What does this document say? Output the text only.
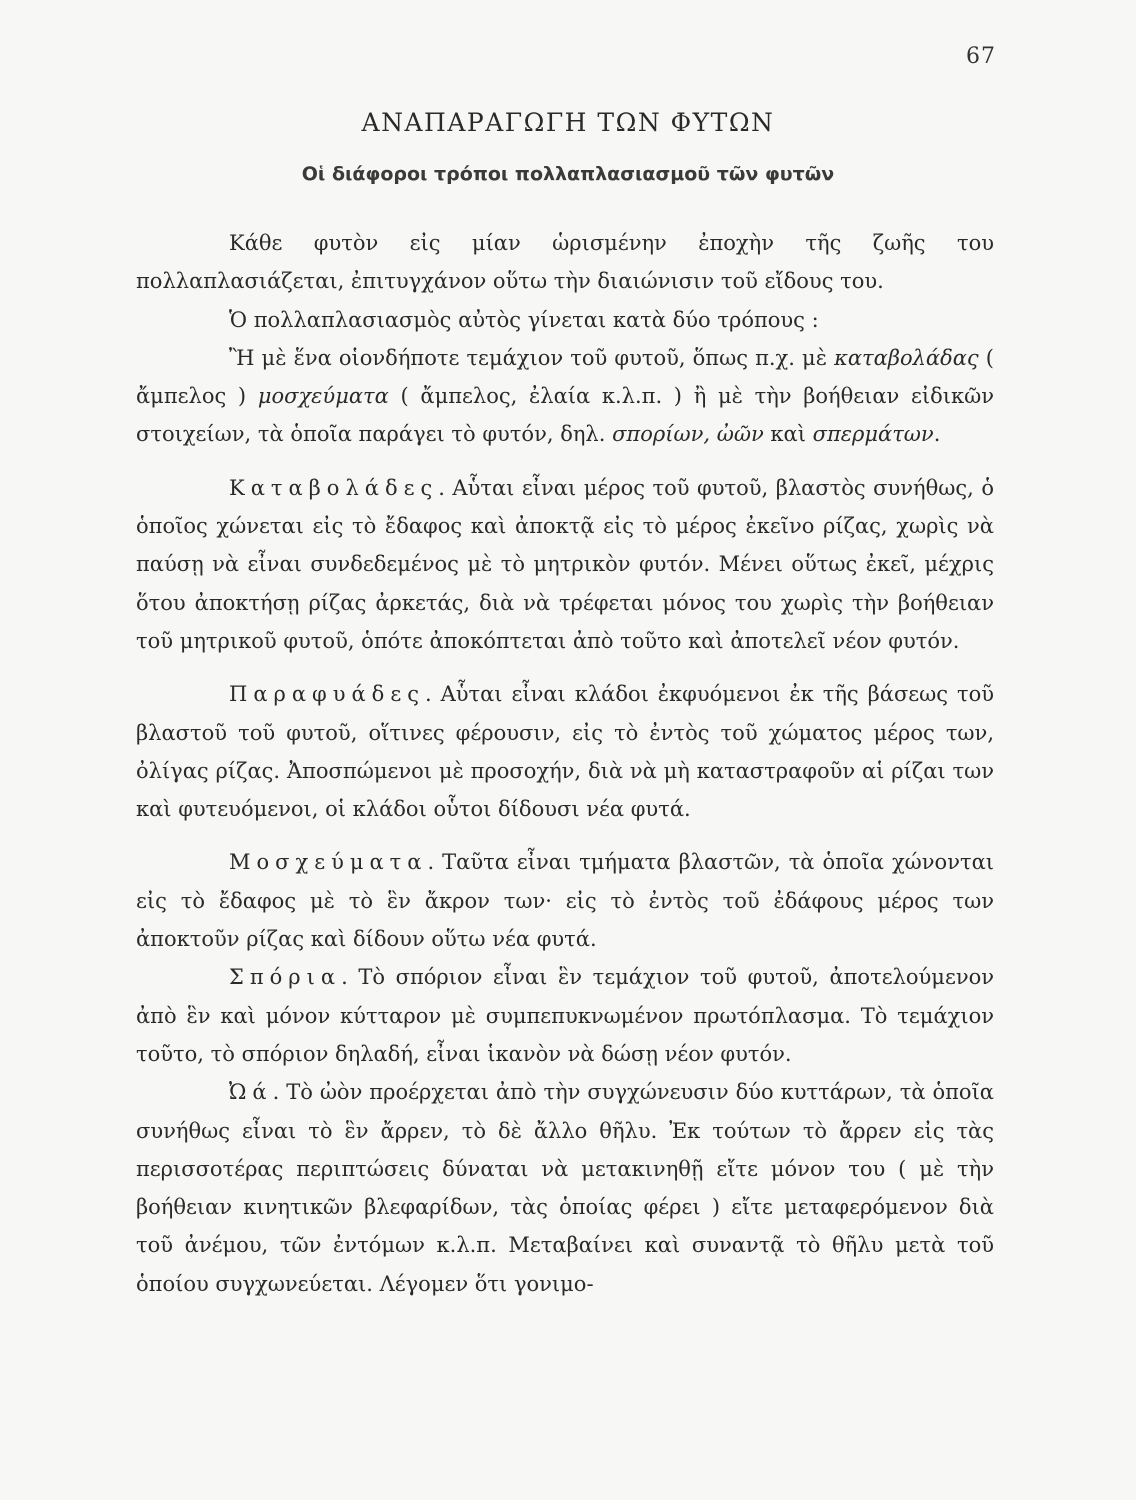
67
ΑΝΑΠΑΡΑΓΩΓΗ ΤΩΝ ΦΥΤΩΝ
Οἱ διάφοροι τρόποι πολλαπλασιασμοῦ τῶν φυτῶν

Κάθε φυτὸν εἰς μίαν ὡρισμένην ἐποχὴν τῆς ζωῆς του πολλαπλασιάζεται, ἐπιτυγχάνον οὕτω τὴν διαιώνισιν τοῦ εἴδους του.

Ὁ πολλαπλασιασμὸς αὐτὸς γίνεται κατὰ δύο τρόπους :

Ἢ μὲ ἕνα οἱονδήποτε τεμάχιον τοῦ φυτοῦ, ὅπως π.χ. μὲ καταβολάδας ( ἄμπελος ) μοσχεύματα ( ἄμπελος, ἐλαία κ.λ.π. ) ἢ μὲ τὴν βοήθειαν εἰδικῶν στοιχείων, τὰ ὁποῖα παράγει τὸ φυτόν, δηλ. σπορίων, ὠῶν καὶ σπερμάτων.

Καταβολάδες. Αὗται εἶναι μέρος τοῦ φυτοῦ, βλαστὸς συνήθως, ὁ ὁποῖος χώνεται εἰς τὸ ἔδαφος καὶ ἀποκτᾷ εἰς τὸ μέρος ἐκεῖνο ρίζας, χωρὶς νὰ παύσῃ νὰ εἶναι συνδεδεμένος μὲ τὸ μητρικὸν φυτόν. Μένει οὕτως ἐκεῖ, μέχρις ὅτου ἀποκτήσῃ ρίζας ἀρκετάς, διὰ νὰ τρέφεται μόνος του χωρὶς τὴν βοήθειαν τοῦ μητρικοῦ φυτοῦ, ὁπότε ἀποκόπτεται ἀπὸ τοῦτο καὶ ἀποτελεῖ νέον φυτόν.

Παραφυάδες. Αὗται εἶναι κλάδοι ἐκφυόμενοι ἐκ τῆς βάσεως τοῦ βλαστοῦ τοῦ φυτοῦ, οἵτινες φέρουσιν, εἰς τὸ ἐντὸς τοῦ χώματος μέρος των, ὀλίγας ρίζας. Ἀποσπώμενοι μὲ προσοχήν, διὰ νὰ μὴ καταστραφοῦν αἱ ρίζαι των καὶ φυτευόμενοι, οἱ κλάδοι οὗτοι δίδουσι νέα φυτά.

Μοσχεύματα. Ταῦτα εἶναι τμήματα βλαστῶν, τὰ ὁποῖα χώνονται εἰς τὸ ἔδαφος μὲ τὸ ἓν ἄκρον των· εἰς τὸ ἐντὸς τοῦ ἐδάφους μέρος των ἀποκτοῦν ρίζας καὶ δίδουν οὕτω νέα φυτά.

Σπόρια. Τὸ σπόριον εἶναι ἓν τεμάχιον τοῦ φυτοῦ, ἀποτελούμενον ἀπὸ ἓν καὶ μόνον κύτταρον μὲ συμπεπυκνωμένον πρωτόπλασμα. Τὸ τεμάχιον τοῦτο, τὸ σπόριον δηλαδή, εἶναι ἱκανὸν νὰ δώσῃ νέον φυτόν.

Ὠά. Τὸ ὠὸν προέρχεται ἀπὸ τὴν συγχώνευσιν δύο κυττάρων, τὰ ὁποῖα συνήθως εἶναι τὸ ἓν ἄρρεν, τὸ δὲ ἄλλο θῆλυ. Ἐκ τούτων τὸ ἄρρεν εἰς τὰς περισσοτέρας περιπτώσεις δύναται νὰ μετακινηθῇ εἴτε μόνον του ( μὲ τὴν βοήθειαν κινητικῶν βλεφαρίδων, τὰς ὁποίας φέρει ) εἴτε μεταφερόμενον διὰ τοῦ ἀνέμου, τῶν ἐντόμων κ.λ.π. Μεταβαίνει καὶ συναντᾷ τὸ θῆλυ μετὰ τοῦ ὁποίου συγχωνεύεται. Λέγομεν ὅτι γονιμο-
